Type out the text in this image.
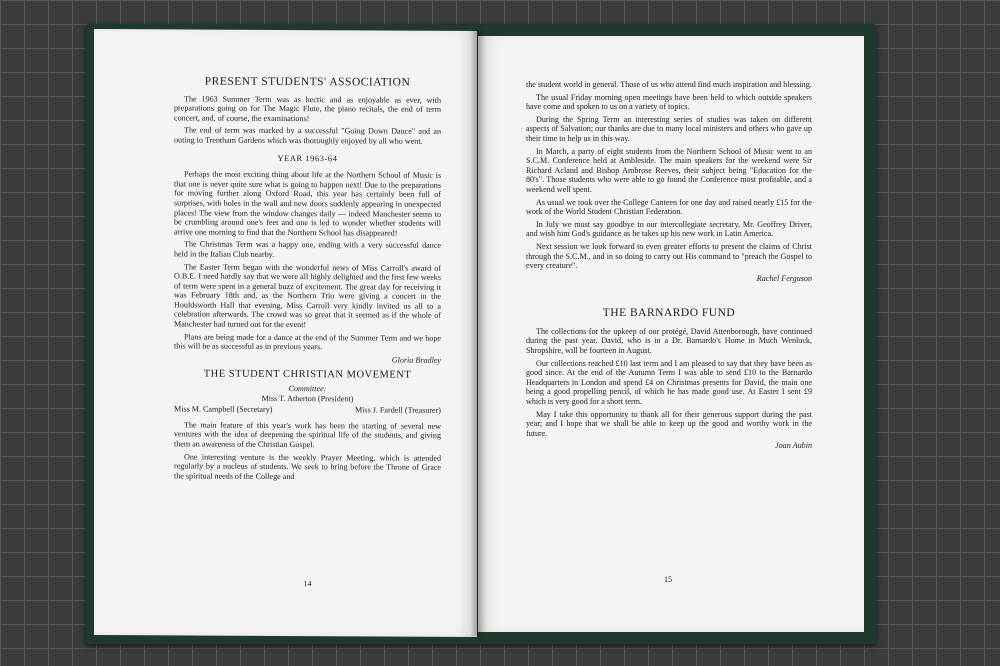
PRESENT STUDENTS' ASSOCIATION

The 1963 Summer Term was as hectic and as enjoyable as ever, with preparations going on for The Magic Flute, the piano recitals, the end of term concert, and, of course, the examinations!

The end of term was marked by a successful "Going Down Dance" and an outing to Trentham Gardens which was thoroughly enjoyed by all who went.

YEAR 1963-64

Perhaps the most exciting thing about life at the Northern School of Music is that one is never quite sure what is going to happen next! Due to the preparations for moving further along Oxford Road, this year has certainly been full of surprises, with holes in the wall and new doors suddenly appearing in unexpected places! The view from the window changes daily — indeed Manchester seems to be crumbling around one's feet and one is led to wonder whether students will arrive one morning to find that the Northern School has disappeared!

The Christmas Term was a happy one, ending with a very successful dance held in the Italian Club nearby.

The Easter Term began with the wonderful news of Miss Carroll's award of O.B.E. I need hardly say that we were all highly delighted and the first few weeks of term were spent in a general buzz of excitement. The great day for receiving it was February 18th and, as the Northern Trio were giving a concert in the Houldsworth Hall that evening, Miss Carroll very kindly invited us all to a celebration afterwards. The crowd was so great that it seemed as if the whole of Manchester had turned out for the event!

Plans are being made for a dance at the end of the Summer Term and we hope this will be as successful as in previous years.

Gloria Bradley

THE STUDENT CHRISTIAN MOVEMENT
Committee:
Miss T. Atherton (President)
Miss M. Campbell (Secretary)	Miss J. Fardell (Treasurer)

The main feature of this year's work has been the starting of several new ventures with the idea of deepening the spiritual life of the students, and giving them an awareness of the Christian Gospel.

One interesting venture is the weekly Prayer Meeting, which is attended regularly by a nucleus of students. We seek to bring before the Throne of Grace the spiritual needs of the College and

14

the student world in general. Those of us who attend find much inspiration and blessing.

The usual Friday morning open meetings have been held to which outside speakers have come and spoken to us on a variety of topics.

During the Spring Term an interesting series of studies was taken on different aspects of Salvation; our thanks are due to many local ministers and others who gave up their time to help us in this way.

In March, a party of eight students from the Northern School of Music went to an S.C.M. Conference held at Ambleside. The main speakers for the weekend were Sir Richard Acland and Bishop Ambrose Reeves, their subject being "Education for the 80's". Those students who were able to go found the Conference most profitable, and a weekend well spent.

As usual we took over the College Canteen for one day and raised nearly £15 for the work of the World Student Christian Federation.

In July we must say goodbye to our intercollegiate secretary, Mr. Geoffrey Driver, and wish him God's guidance as he takes up his new work in Latin America.

Next session we look forward to even greater efforts to present the claims of Christ through the S.C.M., and in so doing to carry out His command to "preach the Gospel to every creature".

Rachel Ferguson

THE BARNARDO FUND

The collections for the upkeep of our protégé, David Attenborough, have continued during the past year. David, who is in a Dr. Barnardo's Home in Much Wenlock, Shropshire, will be fourteen in August.

Our collections reached £10 last term and I am pleased to say that they have been as good since. At the end of the Autumn Term I was able to send £10 to the Barnardo Headquarters in London and spend £4 on Christmas presents for David, the main one being a good propelling pencil, of which he has made good use. At Easter I sent £9 which is very good for a short term.

May I take this opportunity to thank all for their generous support during the past year; and I hope that we shall be able to keep up the good and worthy work in the future.

Joan Aubin

15
